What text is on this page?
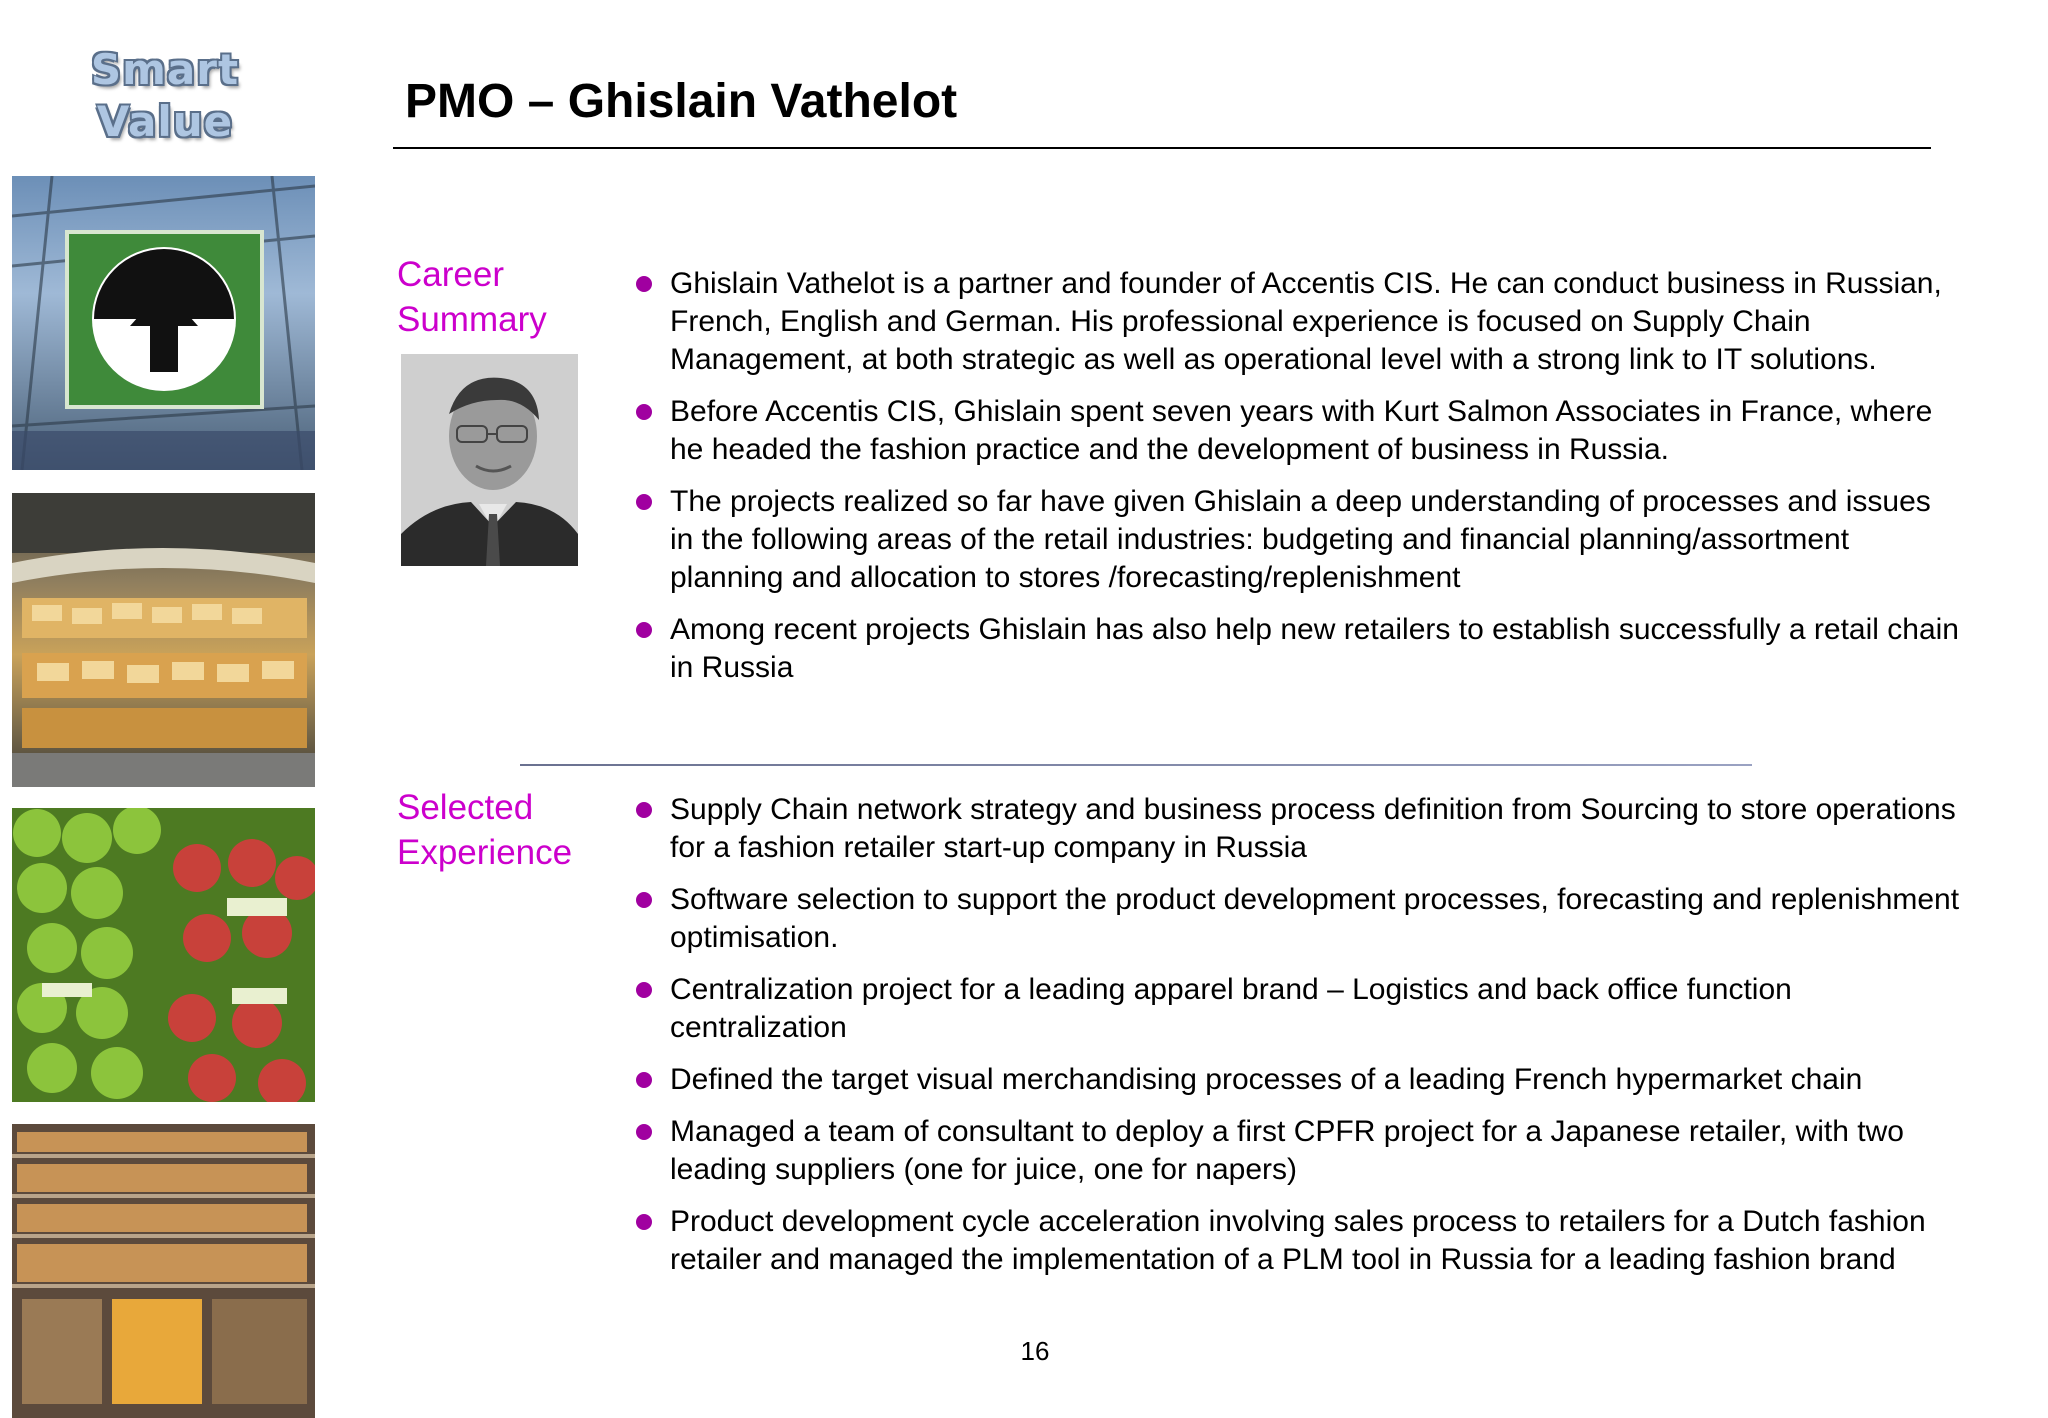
Smart
Value	PMO – Ghislain Vathelot
Career Summary
Ghislain Vathelot is a partner and founder of Accentis CIS. He can conduct business in Russian, French, English and German. His professional experience is focused on Supply Chain Management, at both strategic as well as operational level with a strong link to IT solutions.
Before Accentis CIS, Ghislain spent seven years with Kurt Salmon Associates in France, where he headed the fashion practice and the development of business in Russia.
The projects realized so far have given Ghislain a deep understanding of processes and issues in the following areas of the retail industries: budgeting and financial planning/assortment planning and allocation to stores /forecasting/replenishment
Among recent projects Ghislain has also help new retailers to establish successfully a retail chain in Russia
Selected Experience
Supply Chain network strategy and business process definition from Sourcing to store operations for a fashion retailer start-up company in Russia
Software selection to support the product development processes, forecasting and replenishment optimisation.
Centralization project for a leading apparel brand – Logistics and back office function centralization
Defined the target visual merchandising processes of a leading French hypermarket chain
Managed a team of consultant to deploy a first CPFR project for a Japanese retailer, with two leading suppliers (one for juice, one for napers)
Product development cycle acceleration involving sales process to retailers for a Dutch fashion retailer and managed the implementation of a PLM tool in Russia for a leading fashion brand
16
